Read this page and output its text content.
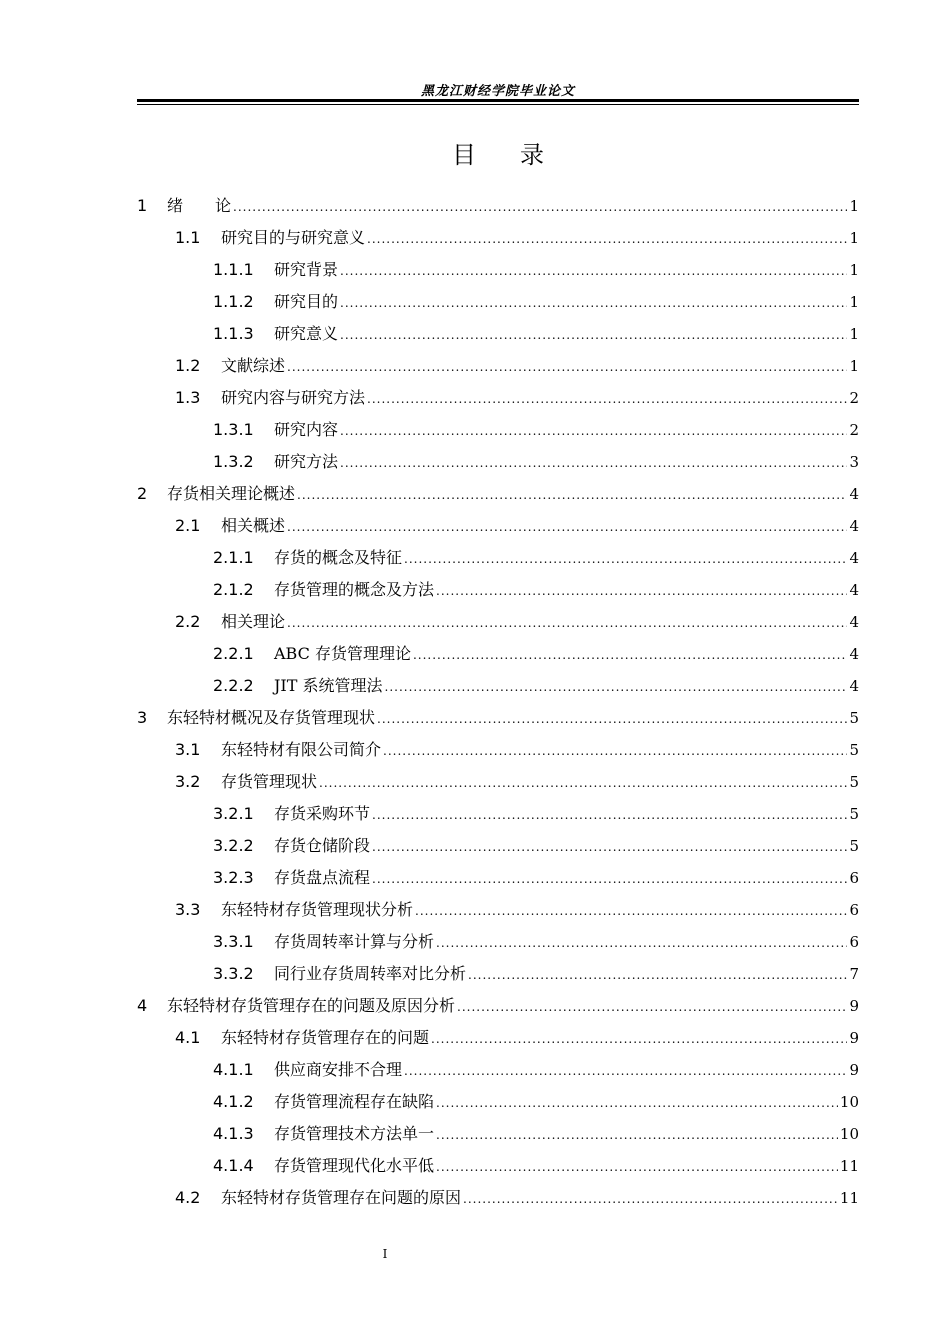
黑龙江财经学院毕业论文
目录
1	绪　　论 .....	1
1.1	研究目的与研究意义 .....	1
1.1.1	研究背景 .....	1
1.1.2	研究目的 .....	1
1.1.3	研究意义 .....	1
1.2	文献综述 .....	1
1.3	研究内容与研究方法 .....	2
1.3.1	研究内容 .....	2
1.3.2	研究方法 .....	3
2	存货相关理论概述 .....	4
2.1	相关概述 .....	4
2.1.1	存货的概念及特征 .....	4
2.1.2	存货管理的概念及方法 .....	4
2.2	相关理论 .....	4
2.2.1	ABC 存货管理理论 .....	4
2.2.2	JIT 系统管理法 .....	4
3	东轻特材概况及存货管理现状 .....	5
3.1	东轻特材有限公司简介 .....	5
3.2	存货管理现状 .....	5
3.2.1	存货采购环节 .....	5
3.2.2	存货仓储阶段 .....	5
3.2.3	存货盘点流程 .....	6
3.3	东轻特材存货管理现状分析 .....	6
3.3.1	存货周转率计算与分析 .....	6
3.3.2	同行业存货周转率对比分析 .....	7
4	东轻特材存货管理存在的问题及原因分析 .....	9
4.1	东轻特材存货管理存在的问题 .....	9
4.1.1	供应商安排不合理 .....	9
4.1.2	存货管理流程存在缺陷 .....	10
4.1.3	存货管理技术方法单一 .....	10
4.1.4	存货管理现代化水平低 .....	11
4.2	东轻特材存货管理存在问题的原因 .....	11
I
